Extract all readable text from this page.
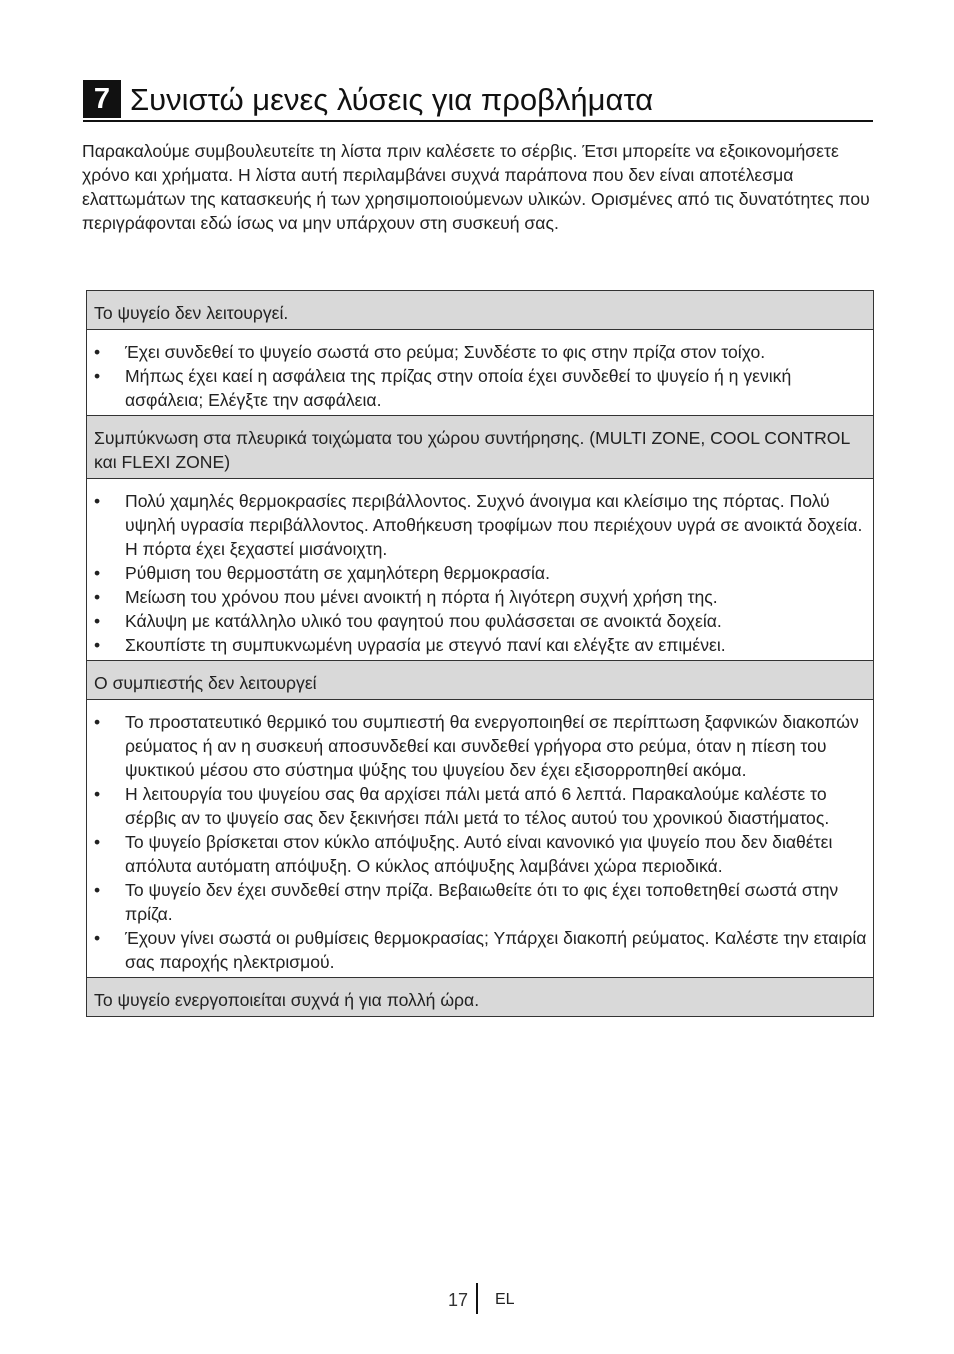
7 Συνιστώ μενες λύσεις για προβλήματα
Παρακαλούμε συμβουλευτείτε τη λίστα πριν καλέσετε το σέρβις. Έτσι μπορείτε να εξοικονομήσετε χρόνο και χρήματα. Η λίστα αυτή περιλαμβάνει συχνά παράπονα που δεν είναι αποτέλεσμα ελαττωμάτων της κατασκευής ή των χρησιμοποιούμενων υλικών. Ορισμένες από τις δυνατότητες που περιγράφονται εδώ ίσως να μην υπάρχουν στη συσκευή σας.
Το ψυγείο δεν λειτουργεί.
• Έχει συνδεθεί το ψυγείο σωστά στο ρεύμα; Συνδέστε το φις στην πρίζα στον τοίχο.
• Μήπως έχει καεί η ασφάλεια της πρίζας στην οποία έχει συνδεθεί το ψυγείο ή η γενική ασφάλεια; Ελέγξτε την ασφάλεια.
Συμπύκνωση στα πλευρικά τοιχώματα του χώρου συντήρησης. (MULTI ZONE, COOL CONTROL και FLEXI ZONE)
• Πολύ χαμηλές θερμοκρασίες περιβάλλοντος. Συχνό άνοιγμα και κλείσιμο της πόρτας. Πολύ υψηλή υγρασία περιβάλλοντος. Αποθήκευση τροφίμων που περιέχουν υγρά σε ανοικτά δοχεία. Η πόρτα έχει ξεχαστεί μισάνοιχτη.
• Ρύθμιση του θερμοστάτη σε χαμηλότερη θερμοκρασία.
• Μείωση του χρόνου που μένει ανοικτή η πόρτα ή λιγότερη συχνή χρήση της.
• Κάλυψη με κατάλληλο υλικό του φαγητού που φυλάσσεται σε ανοικτά δοχεία.
• Σκουπίστε τη συμπυκνωμένη υγρασία με στεγνό πανί και ελέγξτε αν επιμένει.
Ο συμπιεστής δεν λειτουργεί
• Το προστατευτικό θερμικό του συμπιεστή θα ενεργοποιηθεί σε περίπτωση ξαφνικών διακοπών ρεύματος ή αν η συσκευή αποσυνδεθεί και συνδεθεί γρήγορα στο ρεύμα, όταν η πίεση του ψυκτικού μέσου στο σύστημα ψύξης του ψυγείου δεν έχει εξισορροπηθεί ακόμα.
• Η λειτουργία του ψυγείου σας θα αρχίσει πάλι μετά από 6 λεπτά. Παρακαλούμε καλέστε το σέρβις αν το ψυγείο σας δεν ξεκινήσει πάλι μετά το τέλος αυτού του χρονικού διαστήματος.
• Το ψυγείο βρίσκεται στον κύκλο απόψυξης. Αυτό είναι κανονικό για ψυγείο που δεν διαθέτει απόλυτα αυτόματη απόψυξη. Ο κύκλος απόψυξης λαμβάνει χώρα περιοδικά.
• Το ψυγείο δεν έχει συνδεθεί στην πρίζα. Βεβαιωθείτε ότι το φις έχει τοποθετηθεί σωστά στην πρίζα.
• Έχουν γίνει σωστά οι ρυθμίσεις θερμοκρασίας; Υπάρχει διακοπή ρεύματος. Καλέστε την εταιρία σας παροχής ηλεκτρισμού.
Το ψυγείο ενεργοποιείται συχνά ή για πολλή ώρα.
17 EL
